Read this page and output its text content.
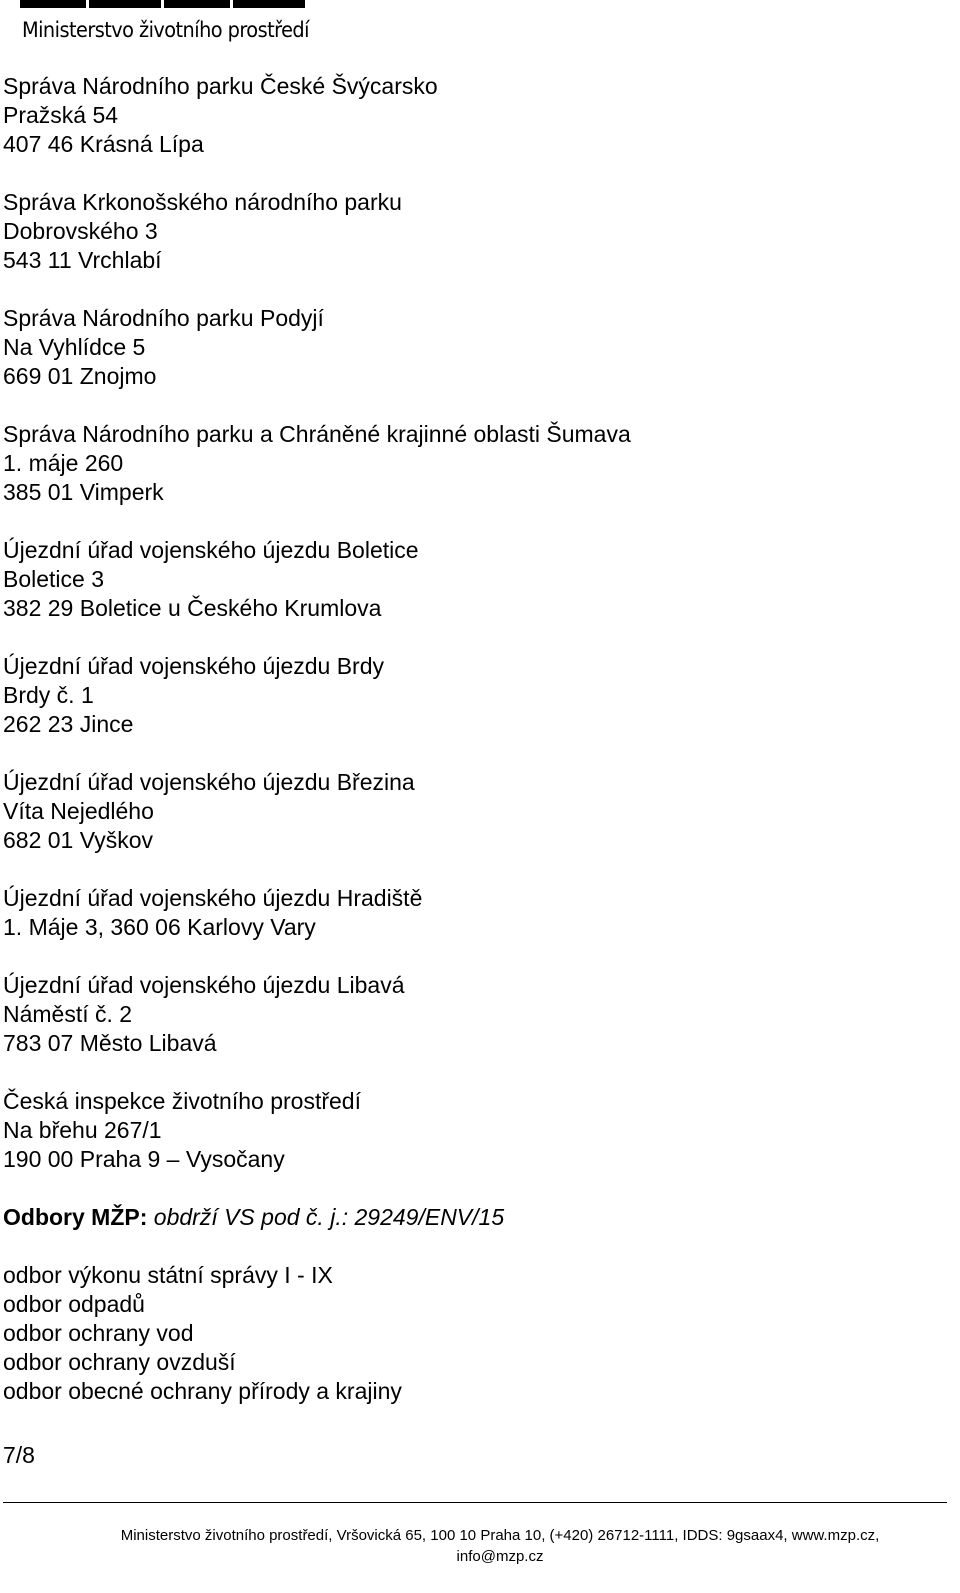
Ministerstvo životního prostředí
Správa Národního parku České Švýcarsko
Pražská 54
407 46 Krásná Lípa
Správa Krkonošského národního parku
Dobrovského 3
543 11 Vrchlabí
Správa Národního parku Podyjí
Na Vyhlídce 5
669 01 Znojmo
Správa Národního parku a Chráněné krajinné oblasti Šumava
1. máje 260
385 01 Vimperk
Újezdní úřad vojenského újezdu Boletice
Boletice 3
382 29 Boletice u Českého Krumlova
Újezdní úřad vojenského újezdu Brdy
Brdy č. 1
262 23 Jince
Újezdní úřad vojenského újezdu Březina
Víta Nejedlého
682 01 Vyškov
Újezdní úřad vojenského újezdu Hradiště
1. Máje 3, 360 06 Karlovy Vary
Újezdní úřad vojenského újezdu Libavá
Náměstí č. 2
783 07 Město Libavá
Česká inspekce životního prostředí
Na břehu 267/1
190 00 Praha 9 – Vysočany
Odbory MŽP: obdrží VS pod č. j.: 29249/ENV/15
odbor výkonu státní správy I - IX
odbor odpadů
odbor ochrany vod
odbor ochrany ovzduší
odbor obecné ochrany přírody a krajiny
7/8
Ministerstvo životního prostředí, Vršovická 65, 100 10 Praha 10, (+420) 26712-1111, IDDS: 9gsaax4, www.mzp.cz,
info@mzp.cz
